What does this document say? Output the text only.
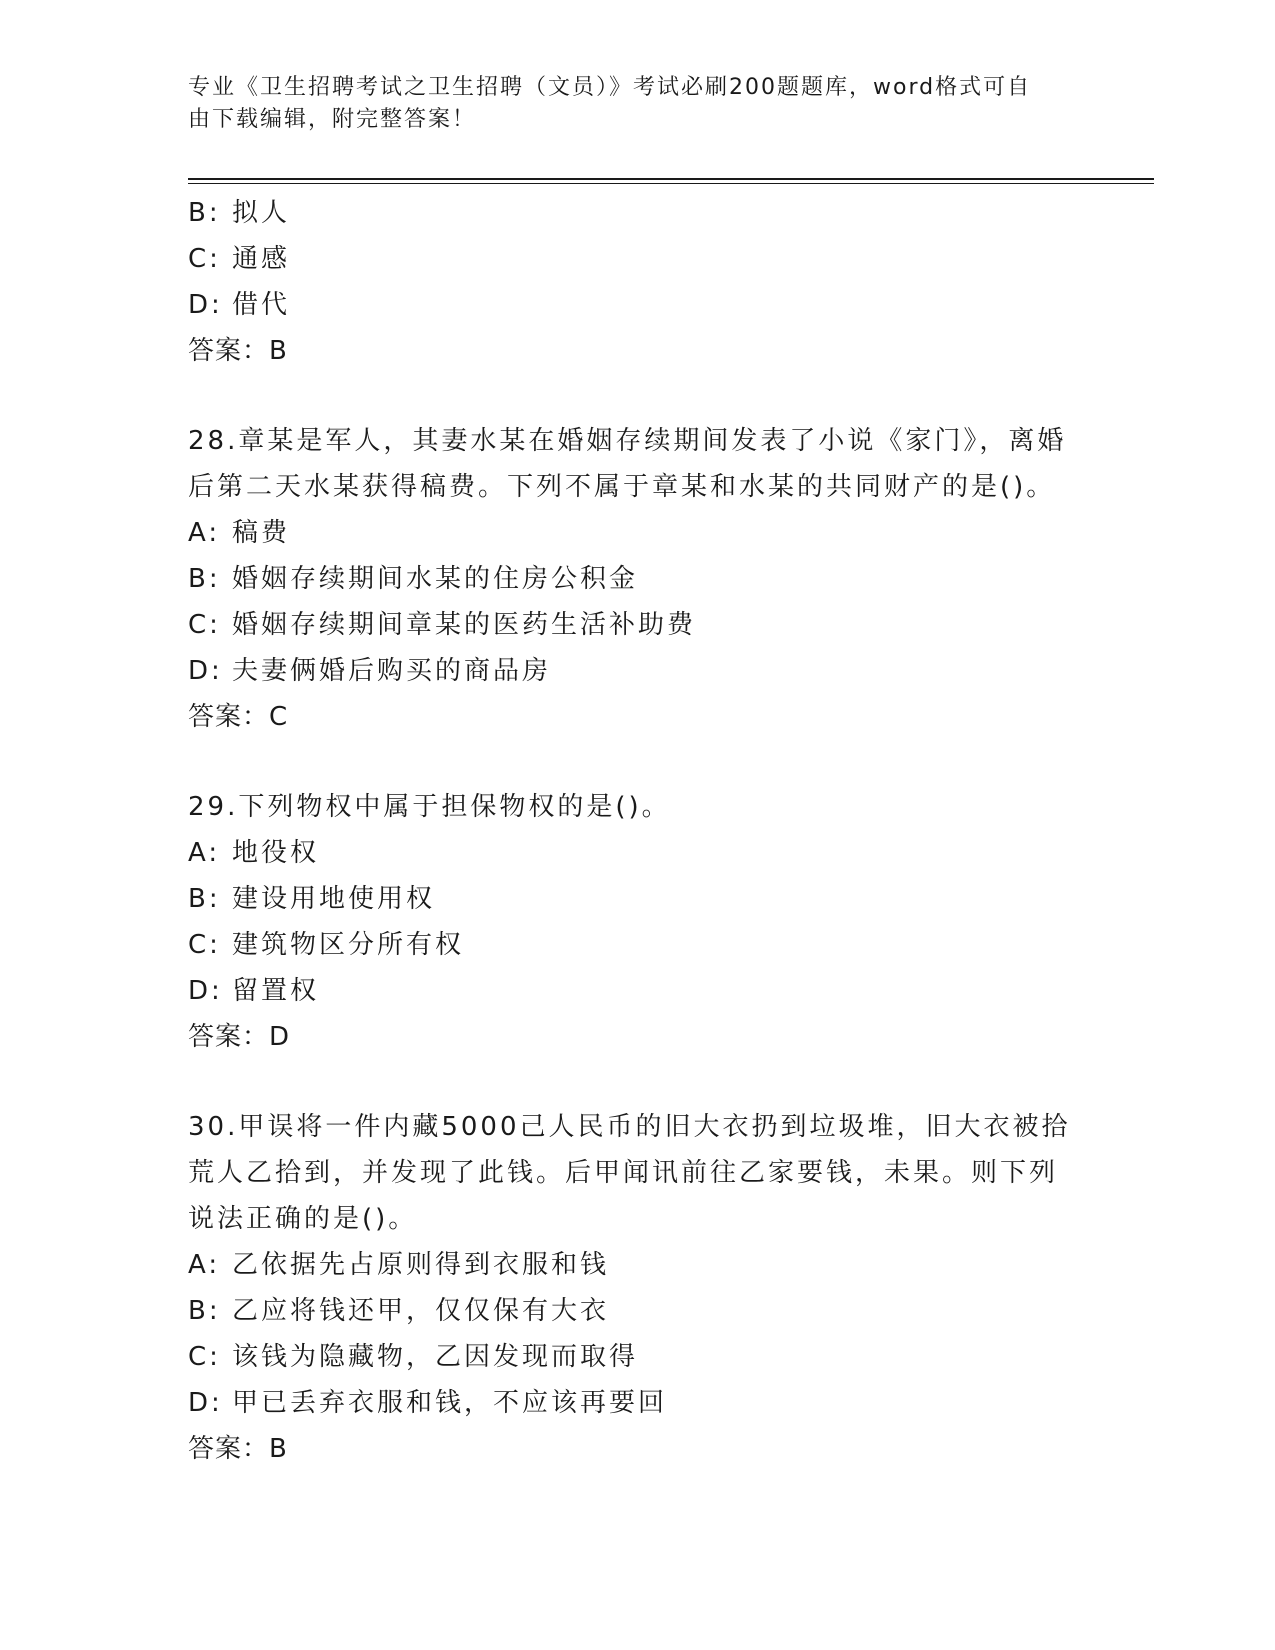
专业《卫生招聘考试之卫生招聘（文员）》考试必刷200题题库，word格式可自
由下载编辑，附完整答案！
B: 拟人
C: 通感
D: 借代
答案：B
28.章某是军人，其妻水某在婚姻存续期间发表了小说《家门》，离婚
后第二天水某获得稿费。下列不属于章某和水某的共同财产的是()。
A: 稿费
B: 婚姻存续期间水某的住房公积金
C: 婚姻存续期间章某的医药生活补助费
D: 夫妻俩婚后购买的商品房
答案：C
29.下列物权中属于担保物权的是()。
A: 地役权
B: 建设用地使用权
C: 建筑物区分所有权
D: 留置权
答案：D
30.甲误将一件内藏5000己人民币的旧大衣扔到垃圾堆，旧大衣被拾
荒人乙拾到，并发现了此钱。后甲闻讯前往乙家要钱，未果。则下列
说法正确的是()。
A: 乙依据先占原则得到衣服和钱
B: 乙应将钱还甲，仅仅保有大衣
C: 该钱为隐藏物，乙因发现而取得
D: 甲已丢弃衣服和钱，不应该再要回
答案：B
